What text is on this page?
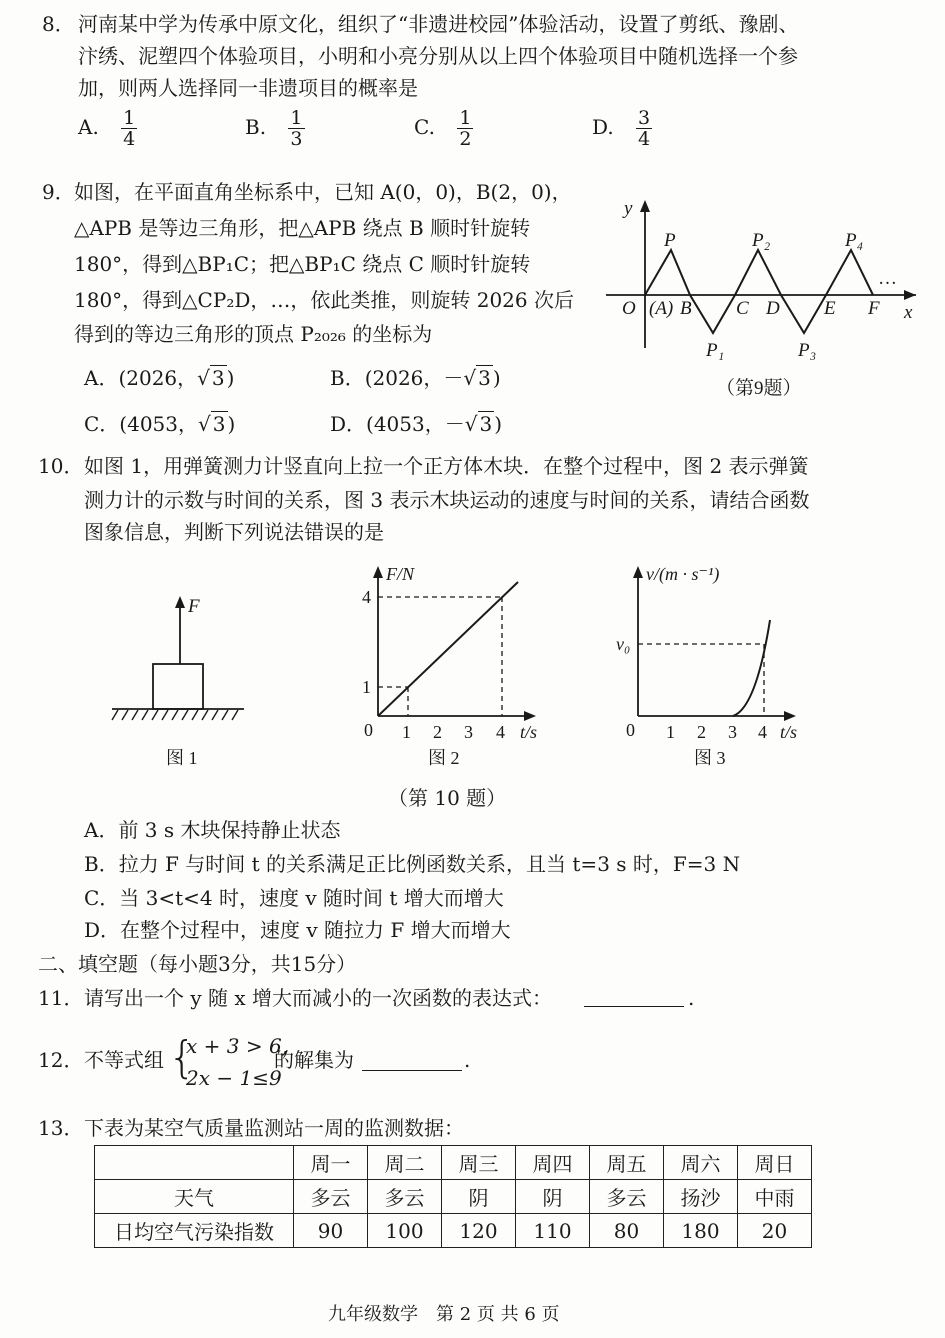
8． 河南某中学为传承中原文化，组织了“非遗进校园”体验活动，设置了剪纸、豫剧、
汴绣、泥塑四个体验项目，小明和小亮分别从以上四个体验项目中随机选择一个参
加，则两人选择同一非遗项目的概率是
A. $\frac{1}{4}$	B. $\frac{1}{3}$	C. $\frac{1}{2}$	D. $\frac{3}{4}$
9． 如图，在平面直角坐标系中，已知 A(0，0)，B(2，0)，
△APB 是等边三角形，把△APB 绕点 B 顺时针旋转
180°，得到△BP₁C；把△BP₁C 绕点 C 顺时针旋转
180°，得到△CP₂D，…，依此类推，则旋转 2026 次后
得到的等边三角形的顶点 P₂₀₂₆ 的坐标为
A．(2026，√ 3 )	B．(2026，－√ 3 )
C．(4053，√ 3 )	D．(4053，－√ 3 )
y
x
O (A) B C D E F
P
P₁
P₂
P₃
P₄
…
（第9题）
10． 如图 1，用弹簧测力计竖直向上拉一个正方体木块．在整个过程中，图 2 表示弹簧
测力计的示数与时间的关系，图 3 表示木块运动的速度与时间的关系，请结合函数
图象信息，判断下列说法错误的是
F
图 1
F/N
t/s
0 1 2 3 4
1
4
图 2
v/(m · s⁻¹)
t/s
0 1 2 3 4
v₀
图 3
（第 10 题）
A．前 3 s 木块保持静止状态
B．拉力 F 与时间 t 的关系满足正比例函数关系，且当 t=3 s 时，F=3 N
C．当 3<t<4 时，速度 v 随时间 t 增大而增大
D．在整个过程中，速度 v 随拉力 F 增大而增大
二、填空题（每小题3分，共15分）
11． 请写出一个 y 随 x 增大而减小的一次函数的表达式：	.
12． 不等式组 {
x + 3 > 6,
2x − 1≤9
的解集为	.
13． 下表为某空气质量监测站一周的监测数据：
	周一	周二	周三	周四	周五	周六	周日
天气	多云	多云	阴	阴	多云	扬沙	中雨
日均空气污染指数	90	100	120	110	80	180	20
九年级数学　第 2 页 共 6 页
